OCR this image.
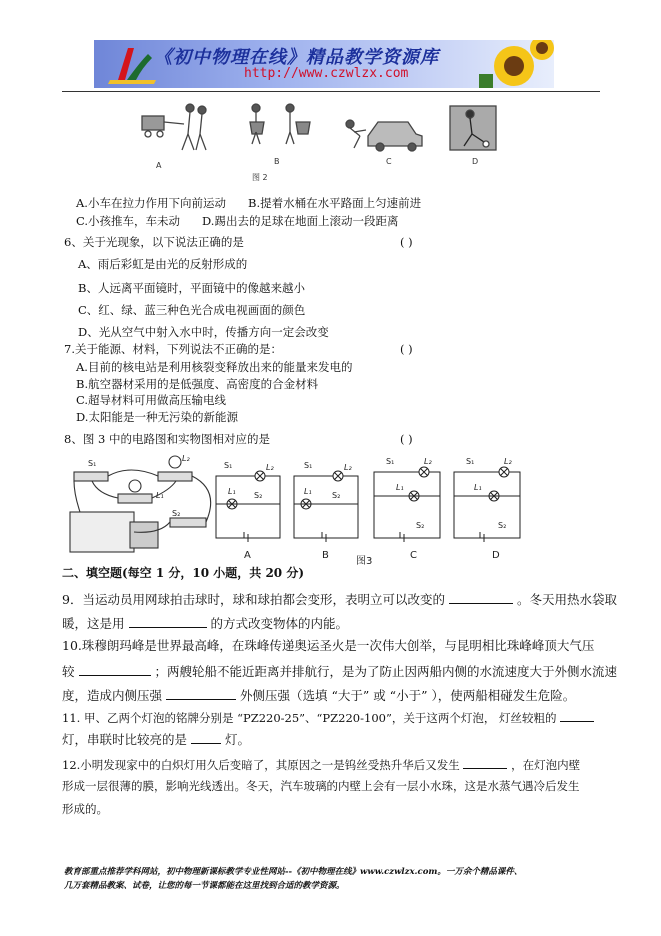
《初中物理在线》精品教学资源库
http://www.czwlzx.com
A	B	C	D
图 2
A.小车在拉力作用下向前运动 B.提着水桶在水平路面上匀速前进
C.小孩推车，车未动 D.踢出去的足球在地面上滚动一段距离
6、关于光现象，以下说法正确的是	( )
A、雨后彩虹是由光的反射形成的
B、人远离平面镜时，平面镜中的像越来越小
C、红、绿、蓝三种色光合成电视画面的颜色
D、光从空气中射入水中时，传播方向一定会改变
7.关于能源、材料，下列说法不正确的是：	( )
A.目前的核电站是利用核裂变释放出来的能量来发电的
B.航空器材采用的是低强度、高密度的合金材料
C.超导材料可用做高压输电线
D.太阳能是一种无污染的新能源
8、图 3 中的电路图和实物图相对应的是	( )
S₁
L₂
L₁
S₂
S₁	L₂
L₁ S₂
S₁	L₂
L₁	S₂
S₁	L₂
L₁
S₂
S₁	L₂
L₁
S₂
A	B
图3
C	D
二、填空题(每空 1 分，10 小题，共 20 分)
9．当运动员用网球拍击球时，球和球拍都会变形，表明立可以改变的	。冬天用热水袋取
暖，这是用	的方式改变物体的内能。
10.珠穆朗玛峰是世界最高峰，在珠峰传递奥运圣火是一次伟大创举，与昆明相比珠峰峰顶大气压
较	；两艘轮船不能近距离并排航行，是为了防止因两船内侧的水流速度大于外侧水流速
度，造成内侧压强	外侧压强（选填 “大于” 或 “小于” ），使两船相碰发生危险。
11. 甲、乙两个灯泡的铭牌分别是 “PZ220-25”、“PZ220-100”，关于这两个灯泡， 灯丝较粗的
灯，串联时比较亮的是	灯。
12.小明发现家中的白炽灯用久后变暗了，其原因之一是钨丝受热升华后又发生	，在灯泡内壁
形成一层很薄的膜，影响光线透出。冬天，汽车玻璃的内壁上会有一层小水珠，这是水蒸气遇冷后发生
形成的。
教育部重点推荐学科网站，初中物理新课标教学专业性网站--《初中物理在线》www.czwlzx.com。一万余个精品课件、
几万套精品教案、试卷，让您的每一节课都能在这里找到合适的教学资源。
